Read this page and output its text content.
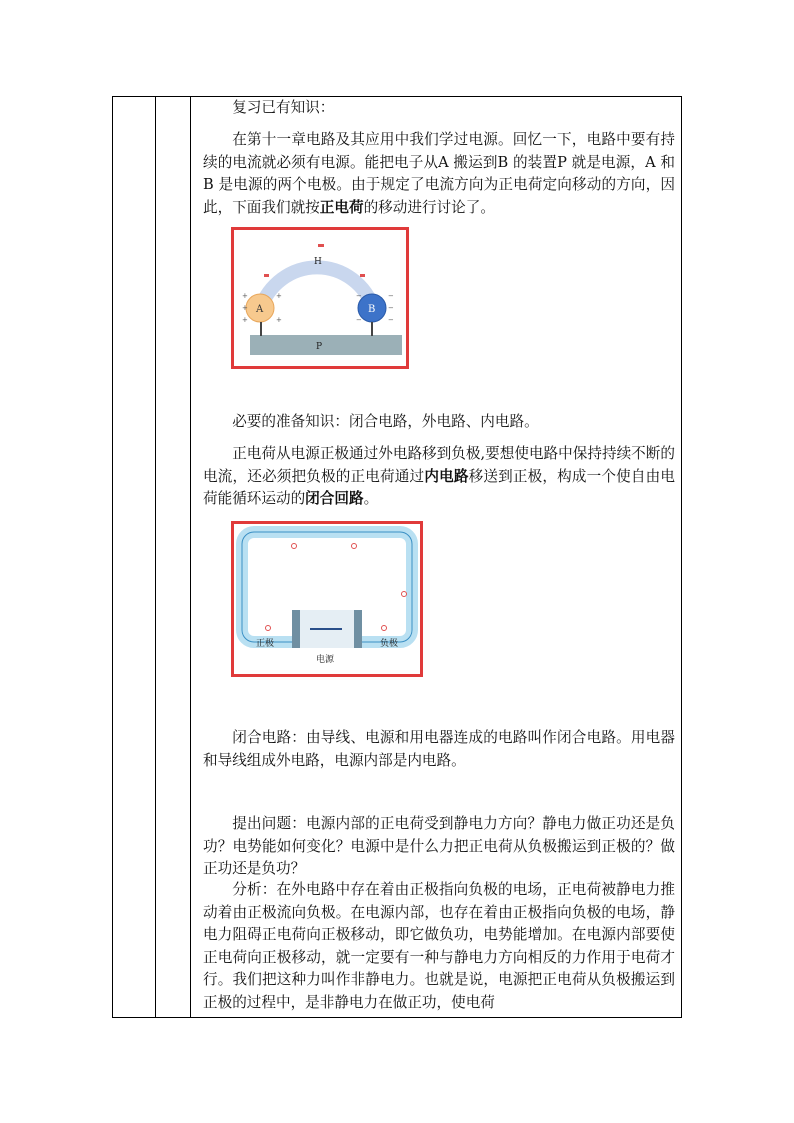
复习已有知识：

在第十一章电路及其应用中我们学过电源。回忆一下，电路中要有持续的电流就必须有电源。能把电子从A 搬运到B 的装置P 就是电源，A 和B 是电源的两个电极。由于规定了电流方向为正电荷定向移动的方向，因此，下面我们就按正电荷的移动进行讨论了。

P
H
A	B
+
+
+
+
+
−
−
−
−
−

必要的准备知识：闭合电路，外电路、内电路。

正电荷从电源正极通过外电路移到负极,要想使电路中保持持续不断的电流，还必须把负极的正电荷通过内电路移送到正极，构成一个使自由电荷能循环运动的闭合回路。

正极	负极
电源

闭合电路：由导线、电源和用电器连成的电路叫作闭合电路。用电器和导线组成外电路，电源内部是内电路。

提出问题：电源内部的正电荷受到静电力方向？静电力做正功还是负功？电势能如何变化？电源中是什么力把正电荷从负极搬运到正极的？做正功还是负功？

分析：在外电路中存在着由正极指向负极的电场，正电荷被静电力推动着由正极流向负极。在电源内部，也存在着由正极指向负极的电场，静电力阻碍正电荷向正极移动，即它做负功，电势能增加。在电源内部要使正电荷向正极移动，就一定要有一种与静电力方向相反的力作用于电荷才行。我们把这种力叫作非静电力。也就是说，电源把正电荷从负极搬运到正极的过程中，是非静电力在做正功，使电荷
